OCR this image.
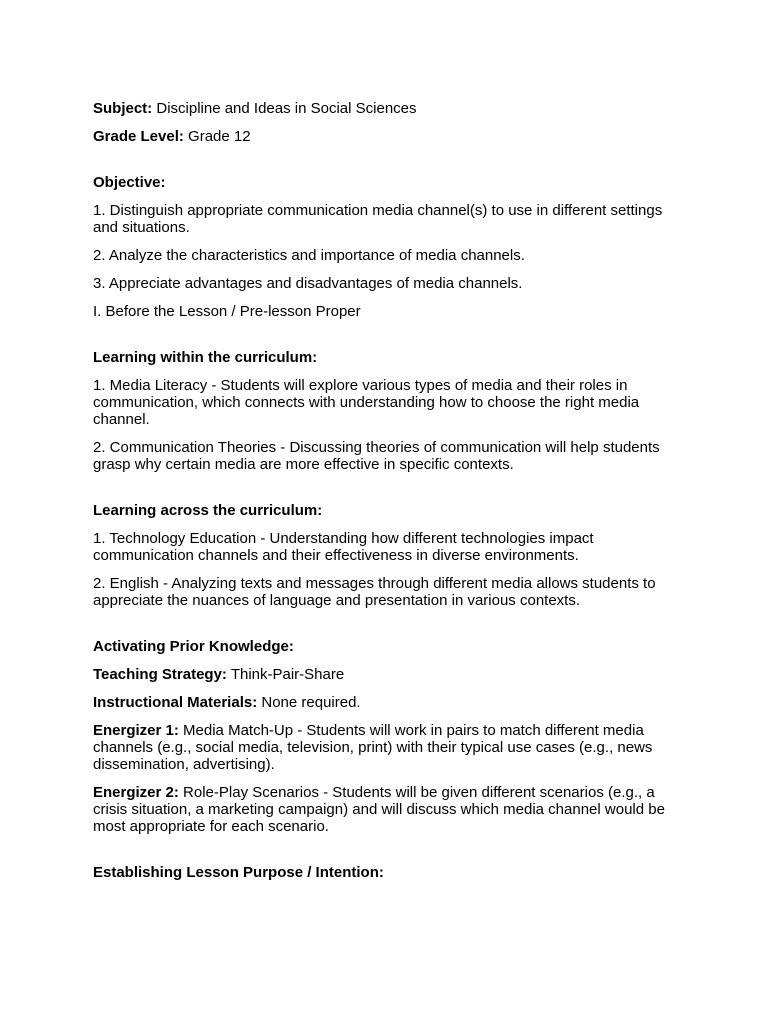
Subject: Discipline and Ideas in Social Sciences

Grade Level: Grade 12

Objective:

1. Distinguish appropriate communication media channel(s) to use in different settings and situations.

2. Analyze the characteristics and importance of media channels.

3. Appreciate advantages and disadvantages of media channels.

I. Before the Lesson / Pre-lesson Proper

Learning within the curriculum:

1. Media Literacy - Students will explore various types of media and their roles in communication, which connects with understanding how to choose the right media channel.

2. Communication Theories - Discussing theories of communication will help students grasp why certain media are more effective in specific contexts.

Learning across the curriculum:

1. Technology Education - Understanding how different technologies impact communication channels and their effectiveness in diverse environments.

2. English - Analyzing texts and messages through different media allows students to appreciate the nuances of language and presentation in various contexts.

Activating Prior Knowledge:

Teaching Strategy: Think-Pair-Share

Instructional Materials: None required.

Energizer 1: Media Match-Up - Students will work in pairs to match different media channels (e.g., social media, television, print) with their typical use cases (e.g., news dissemination, advertising).

Energizer 2: Role-Play Scenarios - Students will be given different scenarios (e.g., a crisis situation, a marketing campaign) and will discuss which media channel would be most appropriate for each scenario.

Establishing Lesson Purpose / Intention:
